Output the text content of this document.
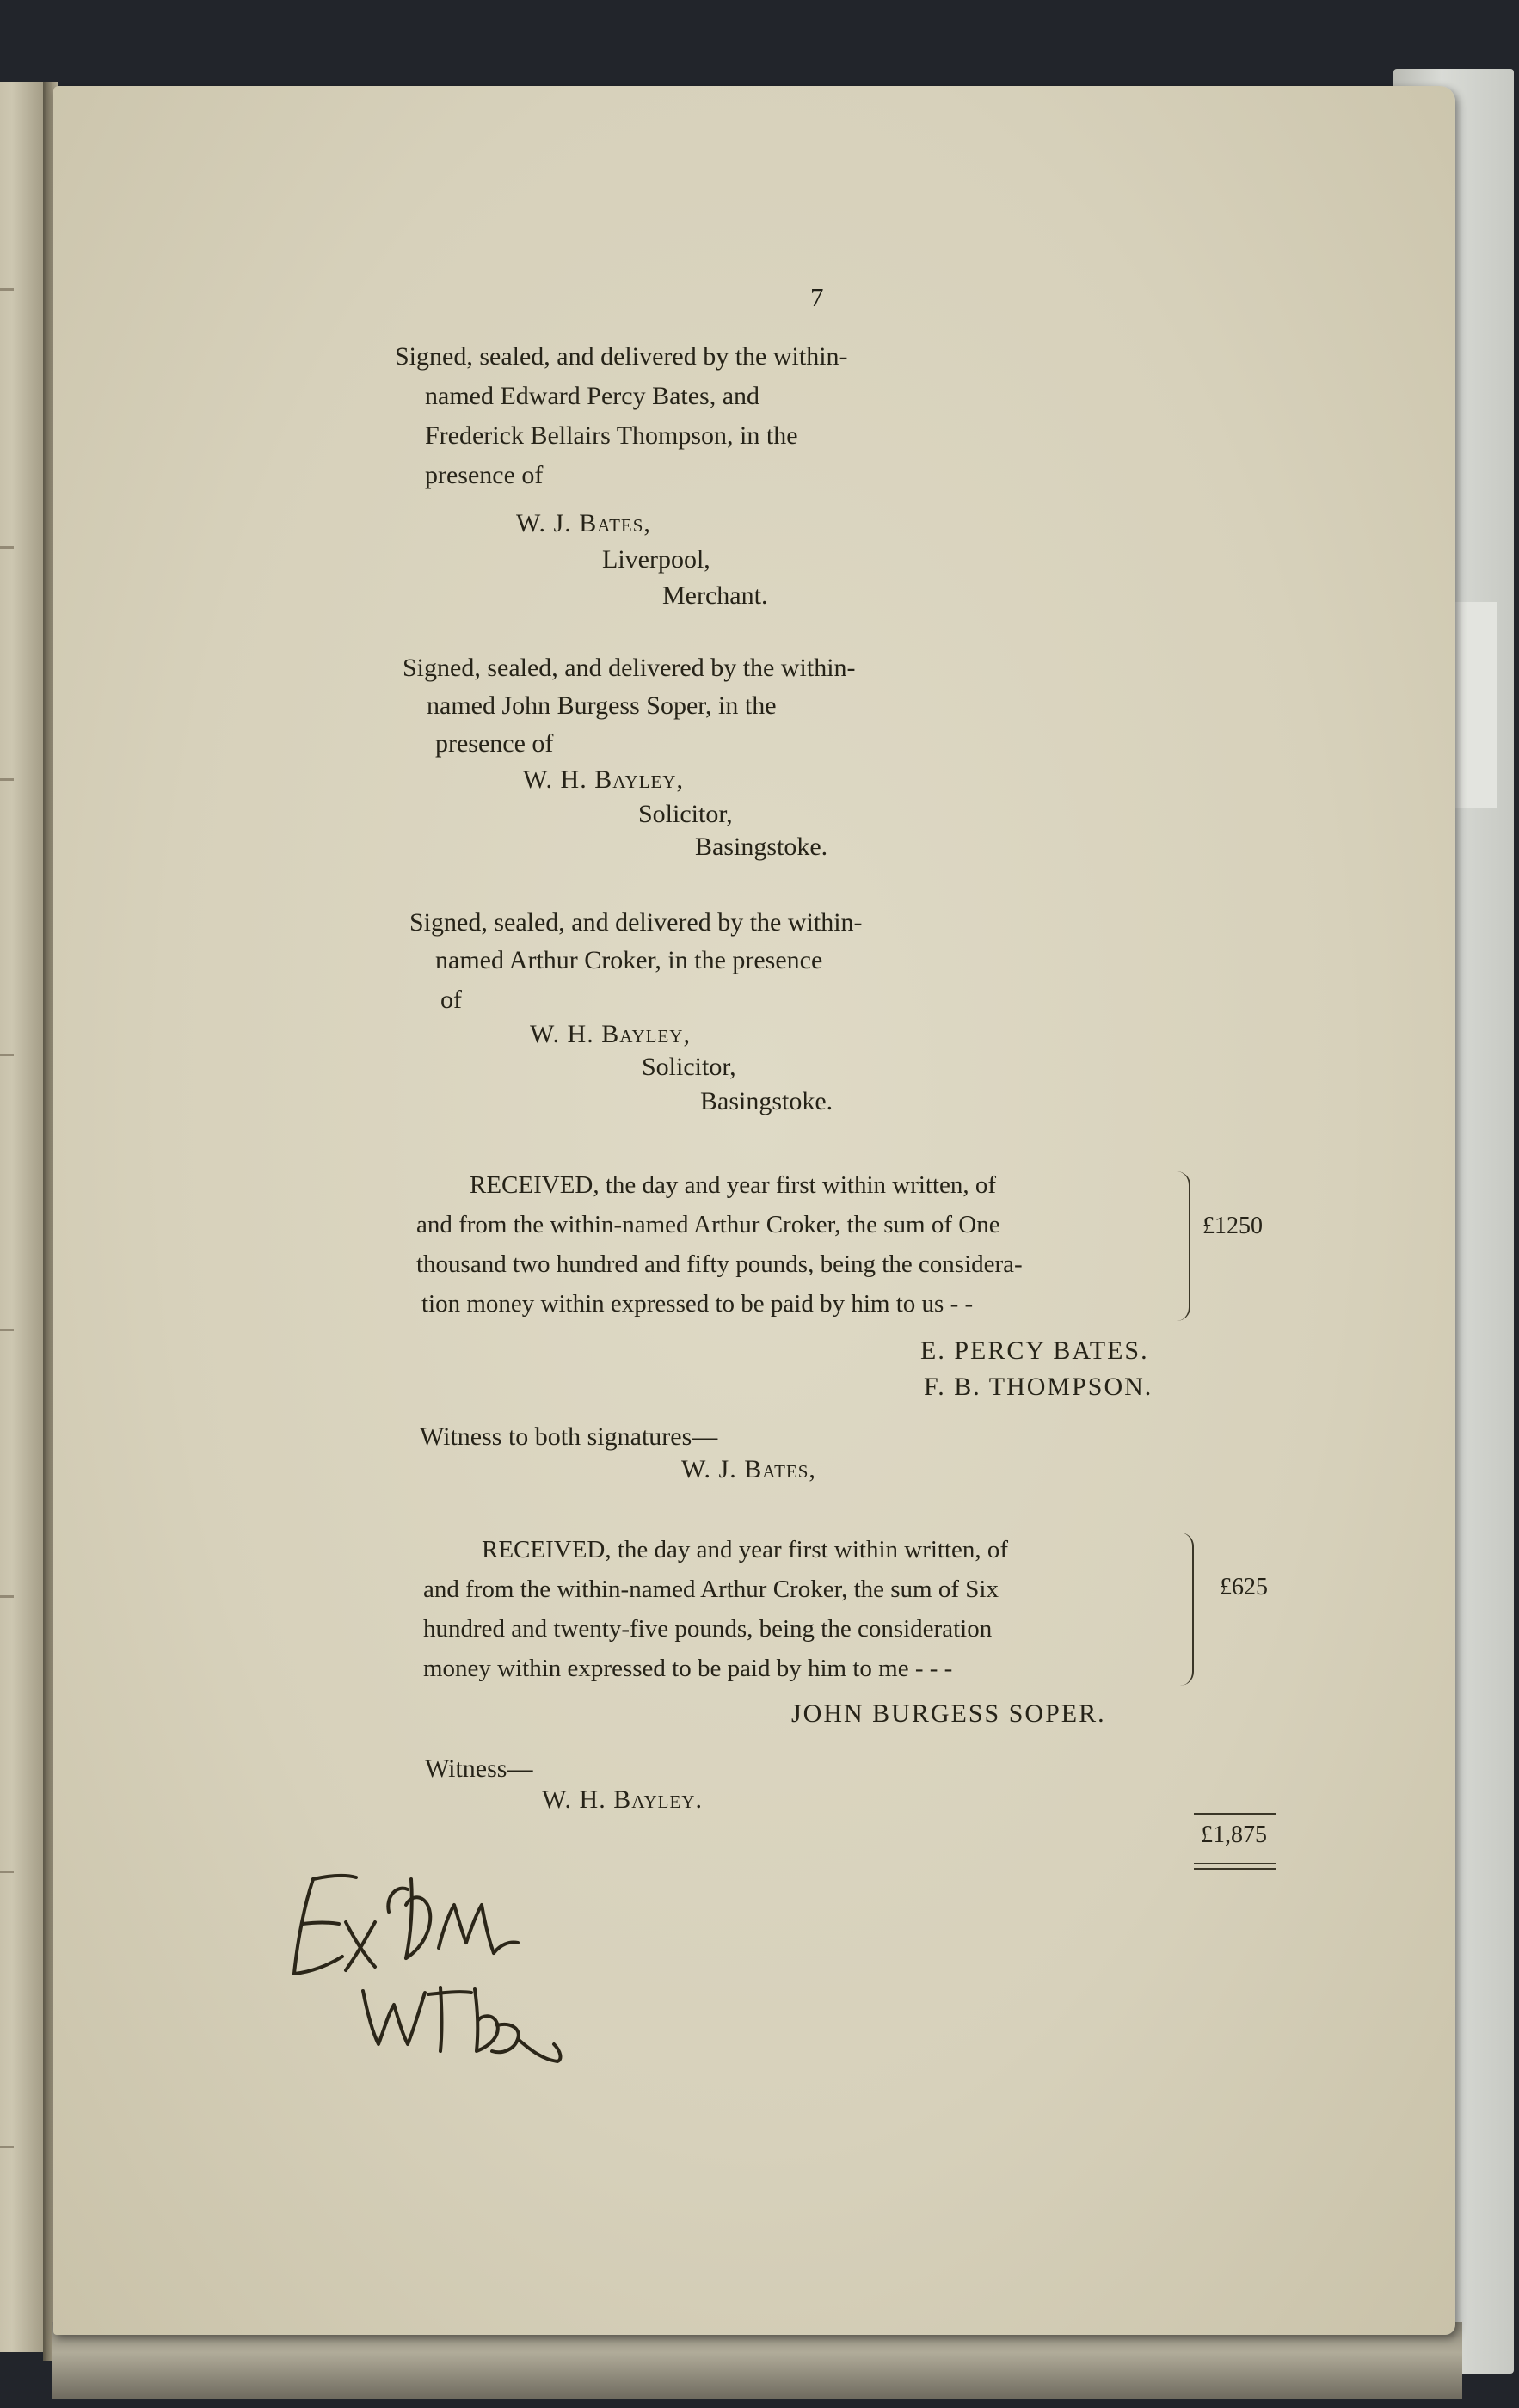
7
Signed, sealed, and delivered by the within-
named Edward Percy Bates, and
Frederick Bellairs Thompson, in the
presence of
W. J. Bates,
Liverpool,
Merchant.
Signed, sealed, and delivered by the within-
named John Burgess Soper, in the
presence of
W. H. Bayley,
Solicitor,
Basingstoke.
Signed, sealed, and delivered by the within-
named Arthur Croker, in the presence
of
W. H. Bayley,
Solicitor,
Basingstoke.
RECEIVED, the day and year first within written, of
and from the within-named Arthur Croker, the sum of One
thousand two hundred and fifty pounds, being the considera-
tion money within expressed to be paid by him to us - -
£1250
E. PERCY BATES.
F. B. THOMPSON.
Witness to both signatures—
W. J. Bates,
RECEIVED, the day and year first within written, of
and from the within-named Arthur Croker, the sum of Six
hundred and twenty-five pounds, being the consideration
money within expressed to be paid by him to me - - -
£625
JOHN BURGESS SOPER.
Witness—
W. H. Bayley.
£1,875
